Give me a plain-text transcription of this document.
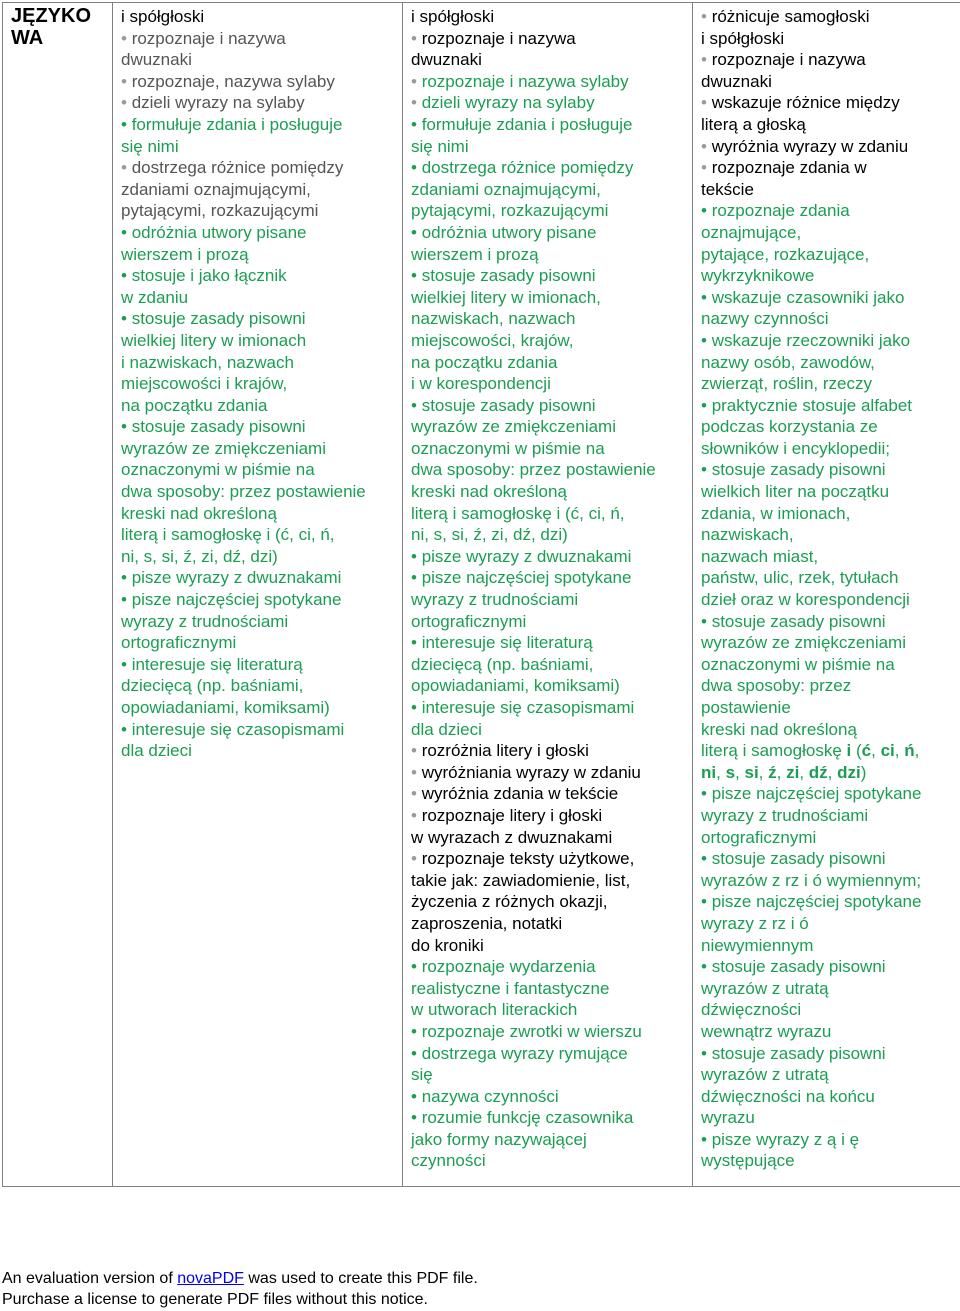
JĘZYKO
WA

i spółgłoski
• rozpoznaje i nazywa
dwuznaki
• rozpoznaje, nazywa sylaby
• dzieli wyrazy na sylaby
• formułuje zdania i posługuje
się nimi
• dostrzega różnice pomiędzy
zdaniami oznajmującymi,
pytającymi, rozkazującymi
• odróżnia utwory pisane
wierszem i prozą
• stosuje i jako łącznik
w zdaniu
• stosuje zasady pisowni
wielkiej litery w imionach
i nazwiskach, nazwach
miejscowości i krajów,
na początku zdania
• stosuje zasady pisowni
wyrazów ze zmiękczeniami
oznaczonymi w piśmie na
dwa sposoby: przez postawienie
kreski nad określoną
literą i samogłoskę i (ć, ci, ń,
ni, s, si, ź, zi, dź, dzi)
• pisze wyrazy z dwuznakami
• pisze najczęściej spotykane
wyrazy z trudnościami
ortograficznymi
• interesuje się literaturą
dziecięcą (np. baśniami,
opowiadaniami, komiksami)
• interesuje się czasopismami
dla dzieci

i spółgłoski
• rozpoznaje i nazywa
dwuznaki
• rozpoznaje i nazywa sylaby
• dzieli wyrazy na sylaby
• formułuje zdania i posługuje
się nimi
• dostrzega różnice pomiędzy
zdaniami oznajmującymi,
pytającymi, rozkazującymi
• odróżnia utwory pisane
wierszem i prozą
• stosuje zasady pisowni
wielkiej litery w imionach,
nazwiskach, nazwach
miejscowości, krajów,
na początku zdania
i w korespondencji
• stosuje zasady pisowni
wyrazów ze zmiękczeniami
oznaczonymi w piśmie na
dwa sposoby: przez postawienie
kreski nad określoną
literą i samogłoskę i (ć, ci, ń,
ni, s, si, ź, zi, dź, dzi)
• pisze wyrazy z dwuznakami
• pisze najczęściej spotykane
wyrazy z trudnościami
ortograficznymi
• interesuje się literaturą
dziecięcą (np. baśniami,
opowiadaniami, komiksami)
• interesuje się czasopismami
dla dzieci
• rozróżnia litery i głoski
• wyróżniania wyrazy w zdaniu
• wyróżnia zdania w tekście
• rozpoznaje litery i głoski
w wyrazach z dwuznakami
• rozpoznaje teksty użytkowe,
takie jak: zawiadomienie, list,
życzenia z różnych okazji,
zaproszenia, notatki
do kroniki
• rozpoznaje wydarzenia
realistyczne i fantastyczne
w utworach literackich
• rozpoznaje zwrotki w wierszu
• dostrzega wyrazy rymujące
się
• nazywa czynności
• rozumie funkcję czasownika
jako formy nazywającej
czynności

• różnicuje samogłoski
i spółgłoski
• rozpoznaje i nazywa
dwuznaki
• wskazuje różnice między
literą a głoską
• wyróżnia wyrazy w zdaniu
• rozpoznaje zdania w
tekście
• rozpoznaje zdania
oznajmujące,
pytające, rozkazujące,
wykrzyknikowe
• wskazuje czasowniki jako
nazwy czynności
• wskazuje rzeczowniki jako
nazwy osób, zawodów,
zwierząt, roślin, rzeczy
• praktycznie stosuje alfabet
podczas korzystania ze
słowników i encyklopedii;
• stosuje zasady pisowni
wielkich liter na początku
zdania, w imionach,
nazwiskach,
nazwach miast,
państw, ulic, rzek, tytułach
dzieł oraz w korespondencji
• stosuje zasady pisowni
wyrazów ze zmiękczeniami
oznaczonymi w piśmie na
dwa sposoby: przez
postawienie
kreski nad określoną
literą i samogłoskę i (ć, ci, ń,
ni, s, si, ź, zi, dź, dzi)
• pisze najczęściej spotykane
wyrazy z trudnościami
ortograficznymi
• stosuje zasady pisowni
wyrazów z rz i ó wymiennym;
• pisze najczęściej spotykane
wyrazy z rz i ó
niewymiennym
• stosuje zasady pisowni
wyrazów z utratą
dźwięczności
wewnątrz wyrazu
• stosuje zasady pisowni
wyrazów z utratą
dźwięczności na końcu
wyrazu
• pisze wyrazy z ą i ę
występujące
An evaluation version of novaPDF was used to create this PDF file.
Purchase a license to generate PDF files without this notice.
